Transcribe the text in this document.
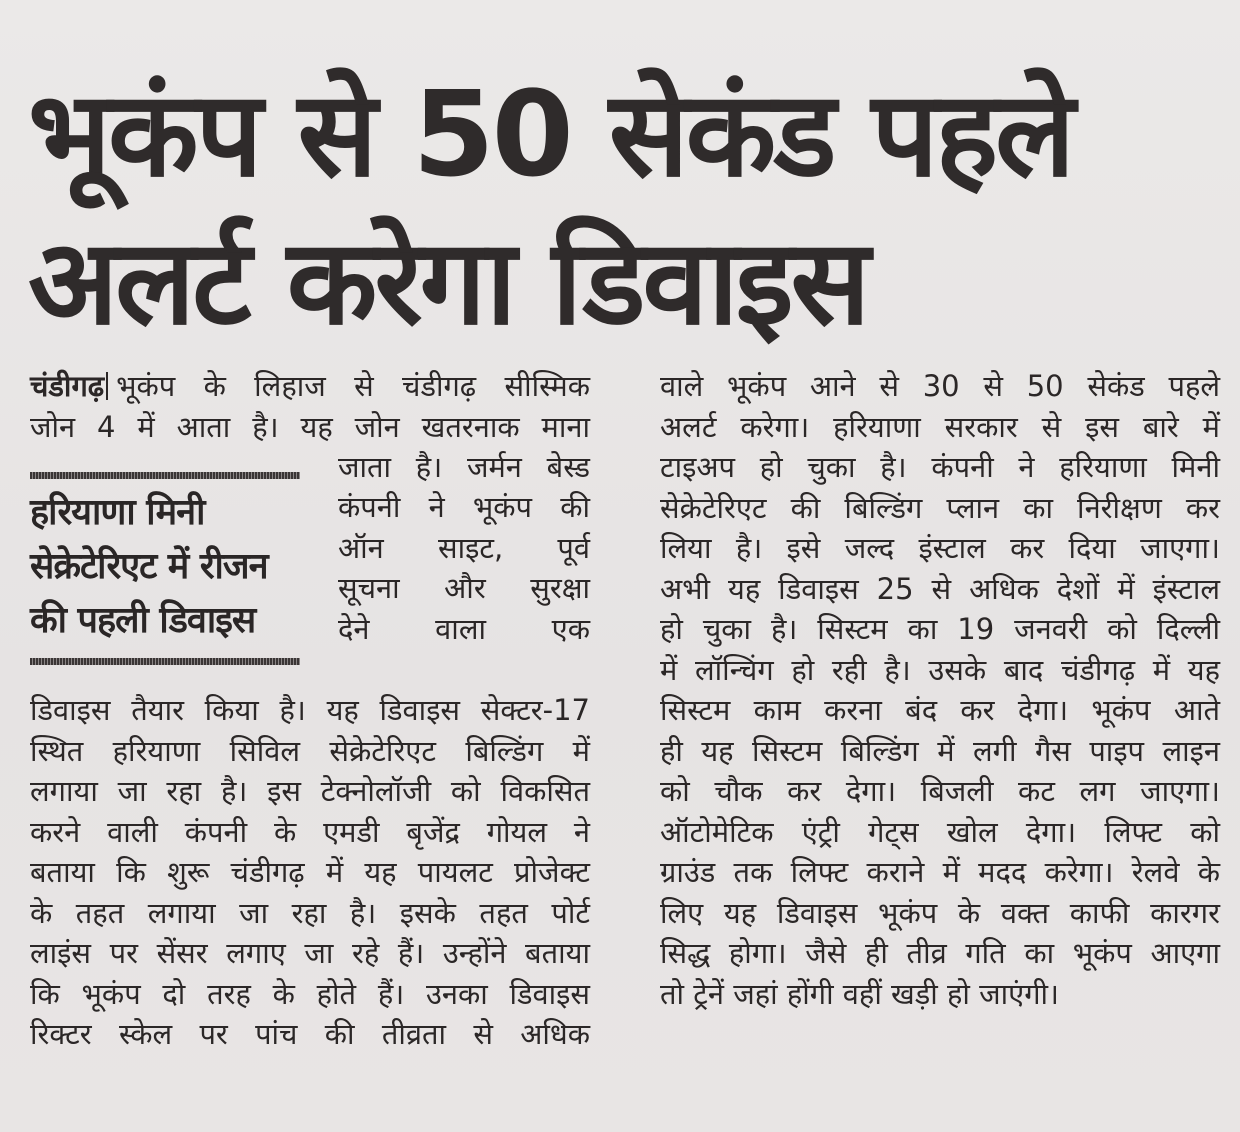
भूकंप से 50 सेकंड पहले
अलर्ट करेगा डिवाइस
चंडीगढ़ भूकंप के लिहाज से चंडीगढ़ सीस्मिक
जोन 4 में आता है। यह जोन खतरनाक माना
जाता है। जर्मन बेस्ड
कंपनी ने भूकंप की
ऑन साइट, पूर्व
सूचना और सुरक्षा
देने वाला एक
हरियाणा मिनी
सेक्रेटेरिएट में रीजन
की पहली डिवाइस
डिवाइस तैयार किया है। यह डिवाइस सेक्टर-17
स्थित हरियाणा सिविल सेक्रेटेरिएट बिल्डिंग में
लगाया जा रहा है। इस टेक्नोलॉजी को विकसित
करने वाली कंपनी के एमडी बृजेंद्र गोयल ने
बताया कि शुरू चंडीगढ़ में यह पायलट प्रोजेक्ट
के तहत लगाया जा रहा है। इसके तहत पोर्ट
लाइंस पर सेंसर लगाए जा रहे हैं। उन्होंने बताया
कि भूकंप दो तरह के होते हैं। उनका डिवाइस
रिक्टर स्केल पर पांच की तीव्रता से अधिक
वाले भूकंप आने से 30 से 50 सेकंड पहले
अलर्ट करेगा। हरियाणा सरकार से इस बारे में
टाइअप हो चुका है। कंपनी ने हरियाणा मिनी
सेक्रेटेरिएट की बिल्डिंग प्लान का निरीक्षण कर
लिया है। इसे जल्द इंस्टाल कर दिया जाएगा।
अभी यह डिवाइस 25 से अधिक देशों में इंस्टाल
हो चुका है। सिस्टम का 19 जनवरी को दिल्ली
में लॉन्चिंग हो रही है। उसके बाद चंडीगढ़ में यह
सिस्टम काम करना बंद कर देगा। भूकंप आते
ही यह सिस्टम बिल्डिंग में लगी गैस पाइप लाइन
को चौक कर देगा। बिजली कट लग जाएगा।
ऑटोमेटिक एंट्री गेट्स खोल देगा। लिफ्ट को
ग्राउंड तक लिफ्ट कराने में मदद करेगा। रेलवे के
लिए यह डिवाइस भूकंप के वक्त काफी कारगर
सिद्ध होगा। जैसे ही तीव्र गति का भूकंप आएगा
तो ट्रेनें जहां होंगी वहीं खड़ी हो जाएंगी।
